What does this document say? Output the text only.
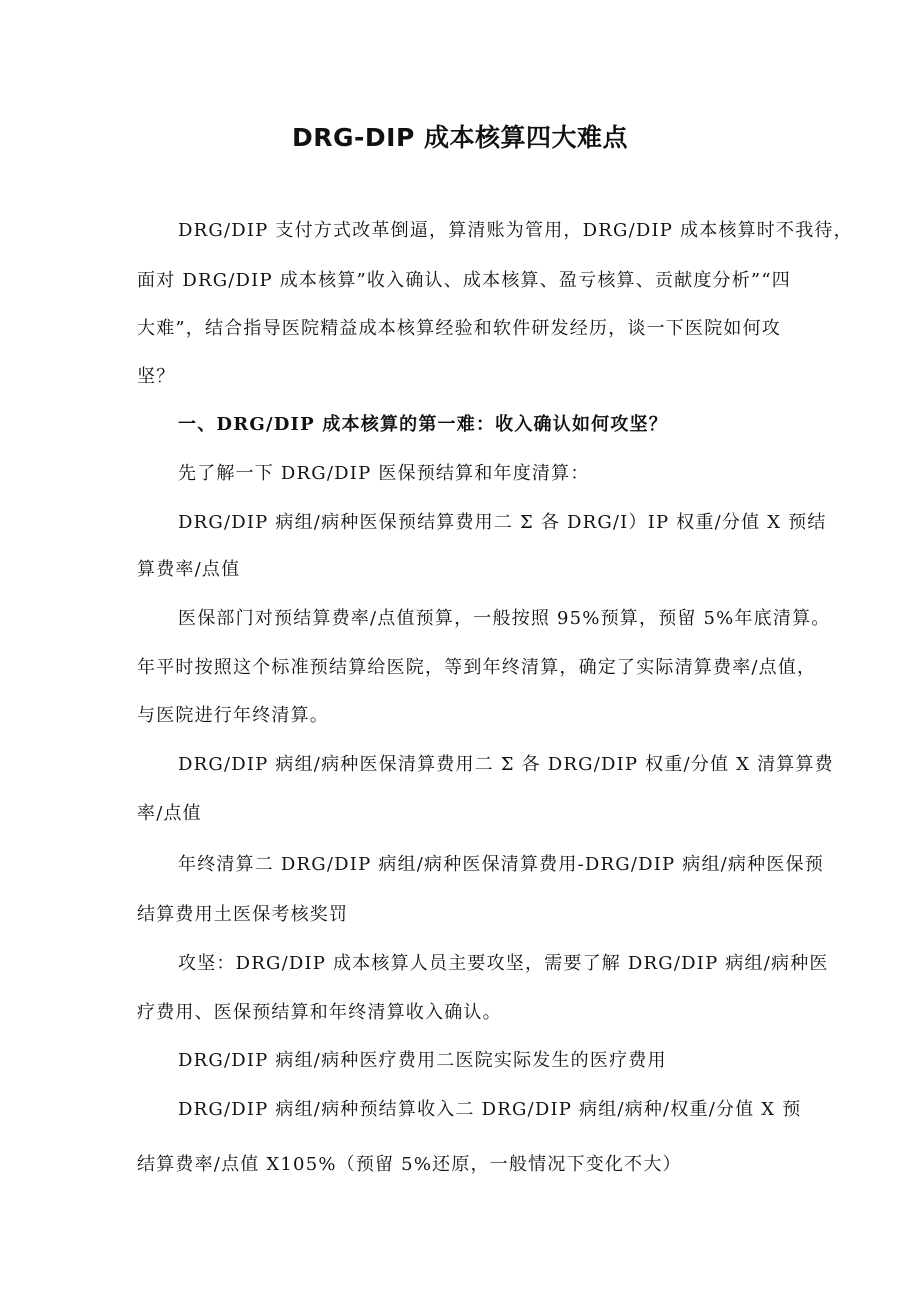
DRG-DIP 成本核算四大难点
DRG/DIP 支付方式改革倒逼，算清账为管用，DRG/DIP 成本核算时不我待，
面对 DRG/DIP 成本核算”收入确认、成本核算、盈亏核算、贡献度分析”“四
大难”，结合指导医院精益成本核算经验和软件研发经历，谈一下医院如何攻
坚？
一、DRG/DIP 成本核算的第一难：收入确认如何攻坚？
先了解一下 DRG/DIP 医保预结算和年度清算：
DRG/DIP 病组/病种医保预结算费用二 Σ 各 DRG/I）IP 权重/分值 X 预结
算费率/点值
医保部门对预结算费率/点值预算，一般按照 95%预算，预留 5%年底清算。
年平时按照这个标准预结算给医院，等到年终清算，确定了实际清算费率/点值，
与医院进行年终清算。
DRG/DIP 病组/病种医保清算费用二 Σ 各 DRG/DIP 权重/分值 X 清算算费
率/点值
年终清算二 DRG/DIP 病组/病种医保清算费用-DRG/DIP 病组/病种医保预
结算费用土医保考核奖罚
攻坚：DRG/DIP 成本核算人员主要攻坚，需要了解 DRG/DIP 病组/病种医
疗费用、医保预结算和年终清算收入确认。
DRG/DIP 病组/病种医疗费用二医院实际发生的医疗费用
DRG/DIP 病组/病种预结算收入二 DRG/DIP 病组/病种/权重/分值 X 预
结算费率/点值 X105%（预留 5%还原，一般情况下变化不大）
